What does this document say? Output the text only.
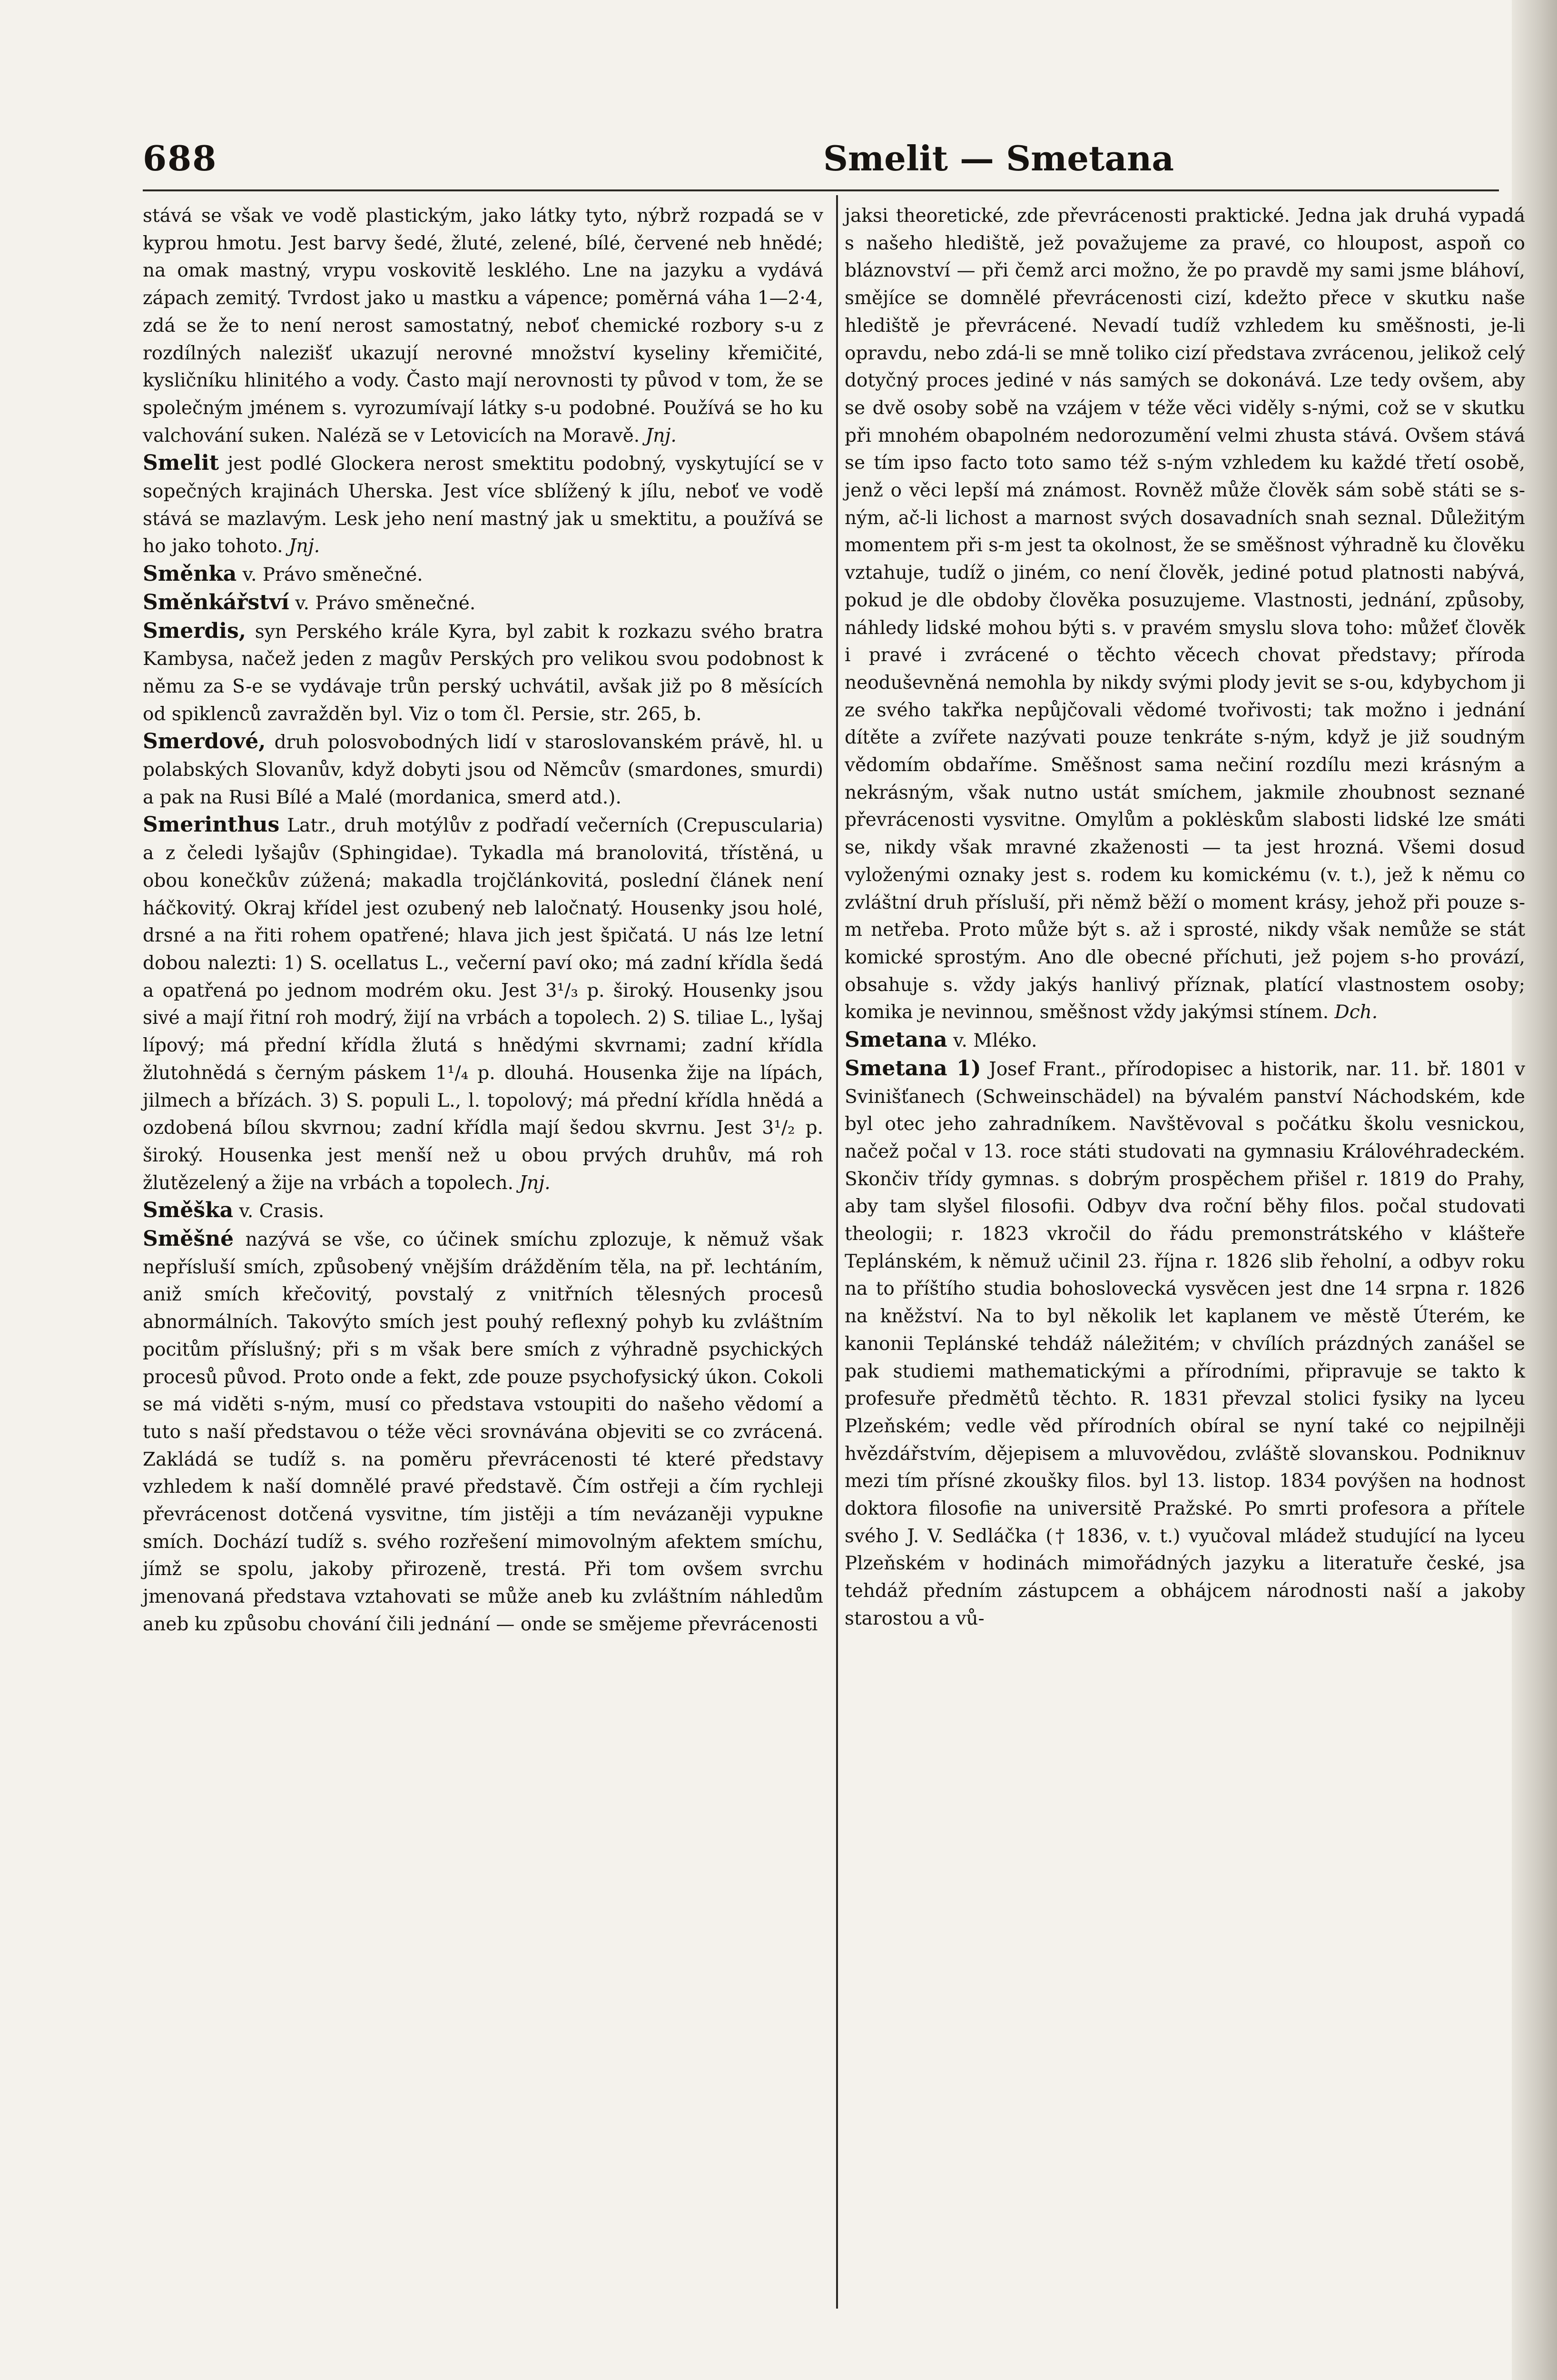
688	Smelit — Smetana

stává se však ve vodě plastickým, jako látky tyto, nýbrž rozpadá se v kyprou hmotu. Jest barvy šedé, žluté, zelené, bílé, červené neb hnědé; na omak mastný, vrypu voskovitě lesklého. Lne na jazyku a vydává zápach zemitý. Tvrdost jako u mastku a vápence; poměrná váha 1—2·4, zdá se že to není nerost samostatný, neboť chemické rozbory s-u z rozdílných nalezišť ukazují nerovné množství kyseliny křemičité, kysličníku hlinitého a vody. Často mají nerovnosti ty původ v tom, že se společným jménem s. vyrozumívají látky s-u podobné. Používá se ho ku valchování suken. Naléză se v Letovicích na Moravě. Jnj.

Smelit jest podlé Glockera nerost smektitu podobný, vyskytující se v sopečných krajinách Uherska. Jest více sblížený k jílu, neboť ve vodě stává se mazlavým. Lesk jeho není mastný jak u smektitu, a používá se ho jako tohoto. Jnj.

Směnka v. Právo směnečné.

Směnkářství v. Právo směnečné.

Smerdis, syn Perského krále Kyra, byl zabit k rozkazu svého bratra Kambysa, načež jeden z magův Perských pro velikou svou podobnost k němu za S-e se vydávaje trůn perský uchvátil, avšak již po 8 měsících od spiklenců zavražděn byl. Viz o tom čl. Persie, str. 265, b.

Smerdové, druh polosvobodných lidí v staroslovanském právě, hl. u polabských Slovanův, když dobyti jsou od Němcův (smardones, smurdi) a pak na Rusi Bílé a Malé (mordanica, smerd atd.).

Smerinthus Latr., druh motýlův z podřadí večerních (Crepuscularia) a z čeledi lyšajův (Sphingidae). Tykadla má branolovitá, třístěná, u obou konečkův zúžená; makadla trojčlánkovitá, poslední článek není háčkovitý. Okraj křídel jest ozubený neb laločnatý. Housenky jsou holé, drsné a na řiti rohem opatřené; hlava jich jest špičatá. U nás lze letní dobou nalezti: 1) S. ocellatus L., večerní paví oko; má zadní křídla šedá a opatřená po jednom modrém oku. Jest 3¹/₃ p. široký. Housenky jsou sivé a mají řitní roh modrý, žijí na vrbách a topolech. 2) S. tiliae L., lyšaj lípový; má přední křídla žlutá s hnědými skvrnami; zadní křídla žlutohnědá s černým páskem 1¹/₄ p. dlouhá. Housenka žije na lípách, jilmech a břízách. 3) S. populi L., l. topolový; má přední křídla hnědá a ozdobená bílou skvrnou; zadní křídla mají šedou skvrnu. Jest 3¹/₂ p. široký. Housenka jest menší než u obou prvých druhův, má roh žlutězelený a žije na vrbách a topolech. Jnj.

Směška v. Crasis.

Směšné nazývá se vše, co účinek smíchu zplozuje, k němuž však nepřísluší smích, způsobený vnějším drážděním těla, na př. lechtáním, aniž smích křečovitý, povstalý z vnitřních tělesných procesů abnormálních. Takovýto smích jest pouhý reflexný pohyb ku zvláštním pocitům příslušný; při s m však bere smích z výhradně psychických procesů původ. Proto onde a fekt, zde pouze psychofysický úkon. Cokoli se má viděti s-ným, musí co představa vstoupiti do našeho vědomí a tuto s naší představou o téže věci srovnávána objeviti se co zvrácená. Zakládá se tudíž s. na poměru převrácenosti té které představy vzhledem k naší domnělé pravé představě. Čím ostřeji a čím rychleji převrácenost dotčená vysvitne, tím jistěji a tím nevázaněji vypukne smích. Dochází tudíž s. svého rozřešení mimovolným afektem smíchu, jímž se spolu, jakoby přirozeně, trestá. Při tom ovšem svrchu jmenovaná představa vztahovati se může aneb ku zvláštním náhledům aneb ku způsobu chování čili jednání — onde se smějeme převrácenosti

jaksi theoretické, zde převrácenosti praktické. Jedna jak druhá vypadá s našeho hlediště, jež považujeme za pravé, co hloupost, aspoň co bláznovství — při čemž arci možno, že po pravdě my sami jsme bláhoví, smějíce se domnělé převrácenosti cizí, kdežto přece v skutku naše hlediště je převrácené. Nevadí tudíž vzhledem ku směšnosti, je-li opravdu, nebo zdá-li se mně toliko cizí představa zvrácenou, jelikož celý dotyčný proces jediné v nás samých se dokonává. Lze tedy ovšem, aby se dvě osoby sobě na vzájem v téže věci viděly s-nými, což se v skutku při mnohém obapolném nedorozumění velmi zhusta stává. Ovšem stává se tím ipso facto toto samo též s-ným vzhledem ku každé třetí osobě, jenž o věci lepší má známost. Rovněž může člověk sám sobě státi se s-ným, ač-li lichost a marnost svých dosavadních snah seznal. Důležitým momentem při s-m jest ta okolnost, že se směšnost výhradně ku člověku vztahuje, tudíž o jiném, co není člověk, jediné potud platnosti nabývá, pokud je dle obdoby člověka posuzujeme. Vlastnosti, jednání, způsoby, náhledy lidské mohou býti s. v pravém smyslu slova toho: můžeť člověk i pravé i zvrácené o těchto věcech chovat představy; příroda neoduševněná nemohla by nikdy svými plody jevit se s-ou, kdybychom ji ze svého takřka nepůjčovali vědomé tvořivosti; tak možno i jednání dítěte a zvířete nazývati pouze tenkráte s-ným, když je již soudným vědomím obdaříme. Směšnost sama nečiní rozdílu mezi krásným a nekrásným, však nutno ustát smíchem, jakmile zhoubnost seznané převrácenosti vysvitne. Omylům a poklėskům slabosti lidské lze smáti se, nikdy však mravné zkaženosti — ta jest hrozná. Všemi dosud vyloženými oznaky jest s. rodem ku komickému (v. t.), jež k němu co zvláštní druh přísluší, při němž běží o moment krásy, jehož při pouze s-m netřeba. Proto může být s. až i sprosté, nikdy však nemůže se stát komické sprostým. Ano dle obecné příchuti, jež pojem s-ho provází, obsahuje s. vždy jakýs hanlivý příznak, platící vlastnostem osoby; komika je nevinnou, směšnost vždy jakýmsi stínem. Dch.

Smetana v. Mléko.

Smetana 1) Josef Frant., přírodopisec a historik, nar. 11. bř. 1801 v Svinišťanech (Schweinschädel) na bývalém panství Náchodském, kde byl otec jeho zahradníkem. Navštěvoval s počátku školu vesnickou, načež počal v 13. roce státi studovati na gymnasiu Královéhradeckém. Skončiv třídy gymnas. s dobrým prospěchem přišel r. 1819 do Prahy, aby tam slyšel filosofii. Odbyv dva roční běhy filos. počal studovati theologii; r. 1823 vkročil do řádu premonstrátského v klášteře Teplánském, k němuž učinil 23. října r. 1826 slib řeholní, a odbyv roku na to příštího studia bohoslovecká vysvěcen jest dne 14 srpna r. 1826 na kněžství. Na to byl několik let kaplanem ve městě Úterém, ke kanonii Teplánské tehdáž náležitém; v chvílích prázdných zanášel se pak studiemi mathematickými a přírodními, připravuje se takto k profesuře předmětů těchto. R. 1831 převzal stolici fysiky na lyceu Plzeňském; vedle věd přírodních obíral se nyní také co nejpilněji hvězdářstvím, dějepisem a mluvovědou, zvláště slovanskou. Podniknuv mezi tím přísné zkoušky filos. byl 13. listop. 1834 povýšen na hodnost doktora filosofie na universitě Pražské. Po smrti profesora a přítele svého J. V. Sedláčka († 1836, v. t.) vyučoval mládež studující na lyceu Plzeňském v hodinách mimořádných jazyku a literatuře české, jsa tehdáž předním zástupcem a obhájcem národnosti naší a jakoby starostou a vů-
